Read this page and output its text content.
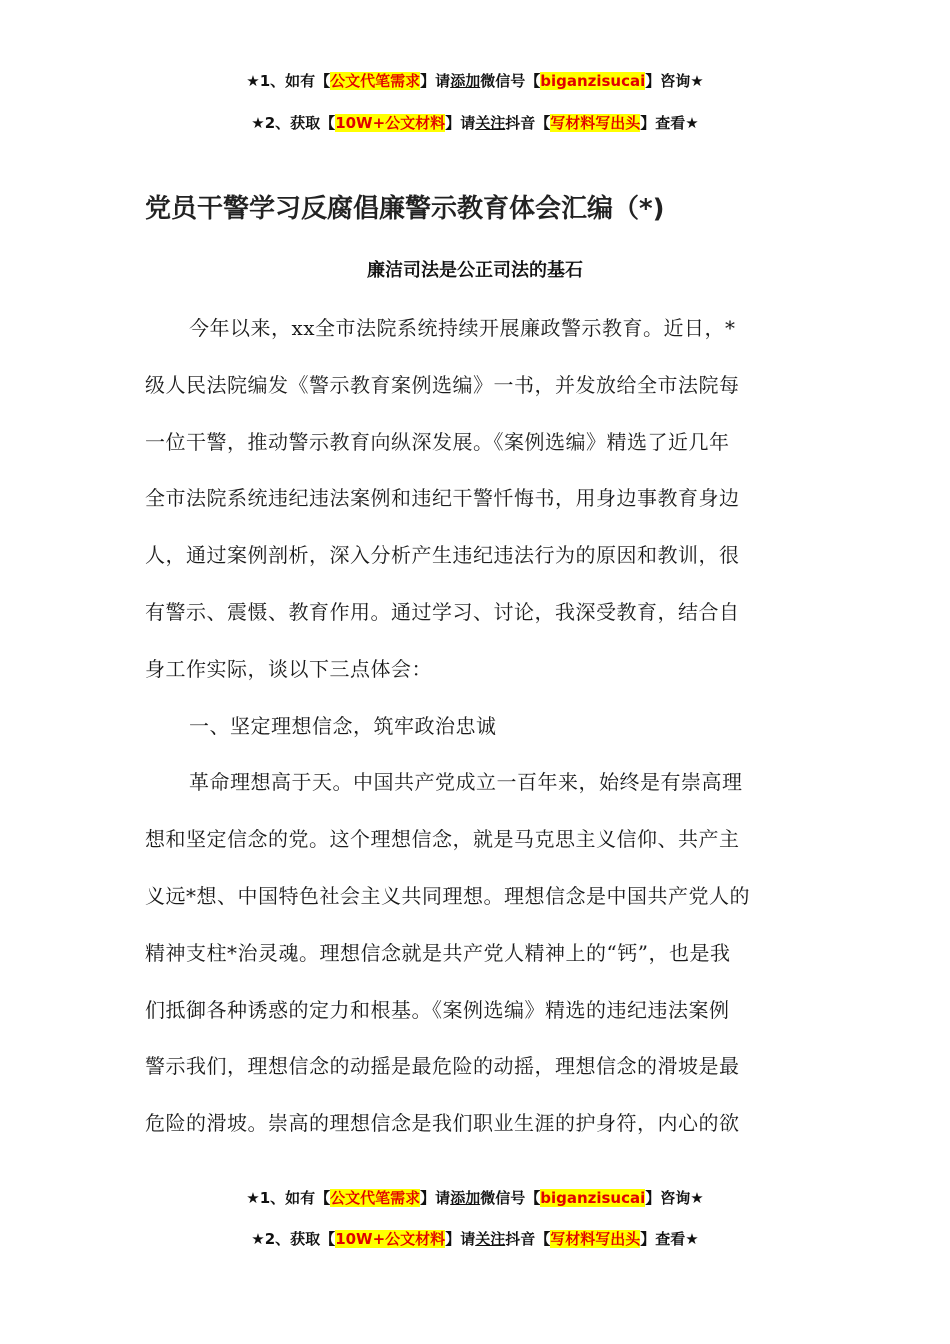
★1、如有【公文代笔需求】请添加微信号【biganzisucai】咨询★
★2、获取【10W+公文材料】请关注抖音【写材料写出头】查看★
党员干警学习反腐倡廉警示教育体会汇编（*)
廉洁司法是公正司法的基石

今年以来，xx全市法院系统持续开展廉政警示教育。近日，*
级人民法院编发《警示教育案例选编》一书，并发放给全市法院每
一位干警，推动警示教育向纵深发展。《案例选编》精选了近几年
全市法院系统违纪违法案例和违纪干警忏悔书，用身边事教育身边
人，通过案例剖析，深入分析产生违纪违法行为的原因和教训，很
有警示、震慑、教育作用。通过学习、讨论，我深受教育，结合自
身工作实际，谈以下三点体会：

一、坚定理想信念，筑牢政治忠诚

革命理想高于天。中国共产党成立一百年来，始终是有崇高理
想和坚定信念的党。这个理想信念，就是马克思主义信仰、共产主
义远*想、中国特色社会主义共同理想。理想信念是中国共产党人的
精神支柱*治灵魂。理想信念就是共产党人精神上的“钙”，也是我
们抵御各种诱惑的定力和根基。《案例选编》精选的违纪违法案例
警示我们，理想信念的动摇是最危险的动摇，理想信念的滑坡是最
危险的滑坡。崇高的理想信念是我们职业生涯的护身符，内心的欲

★1、如有【公文代笔需求】请添加微信号【biganzisucai】咨询★
★2、获取【10W+公文材料】请关注抖音【写材料写出头】查看★
